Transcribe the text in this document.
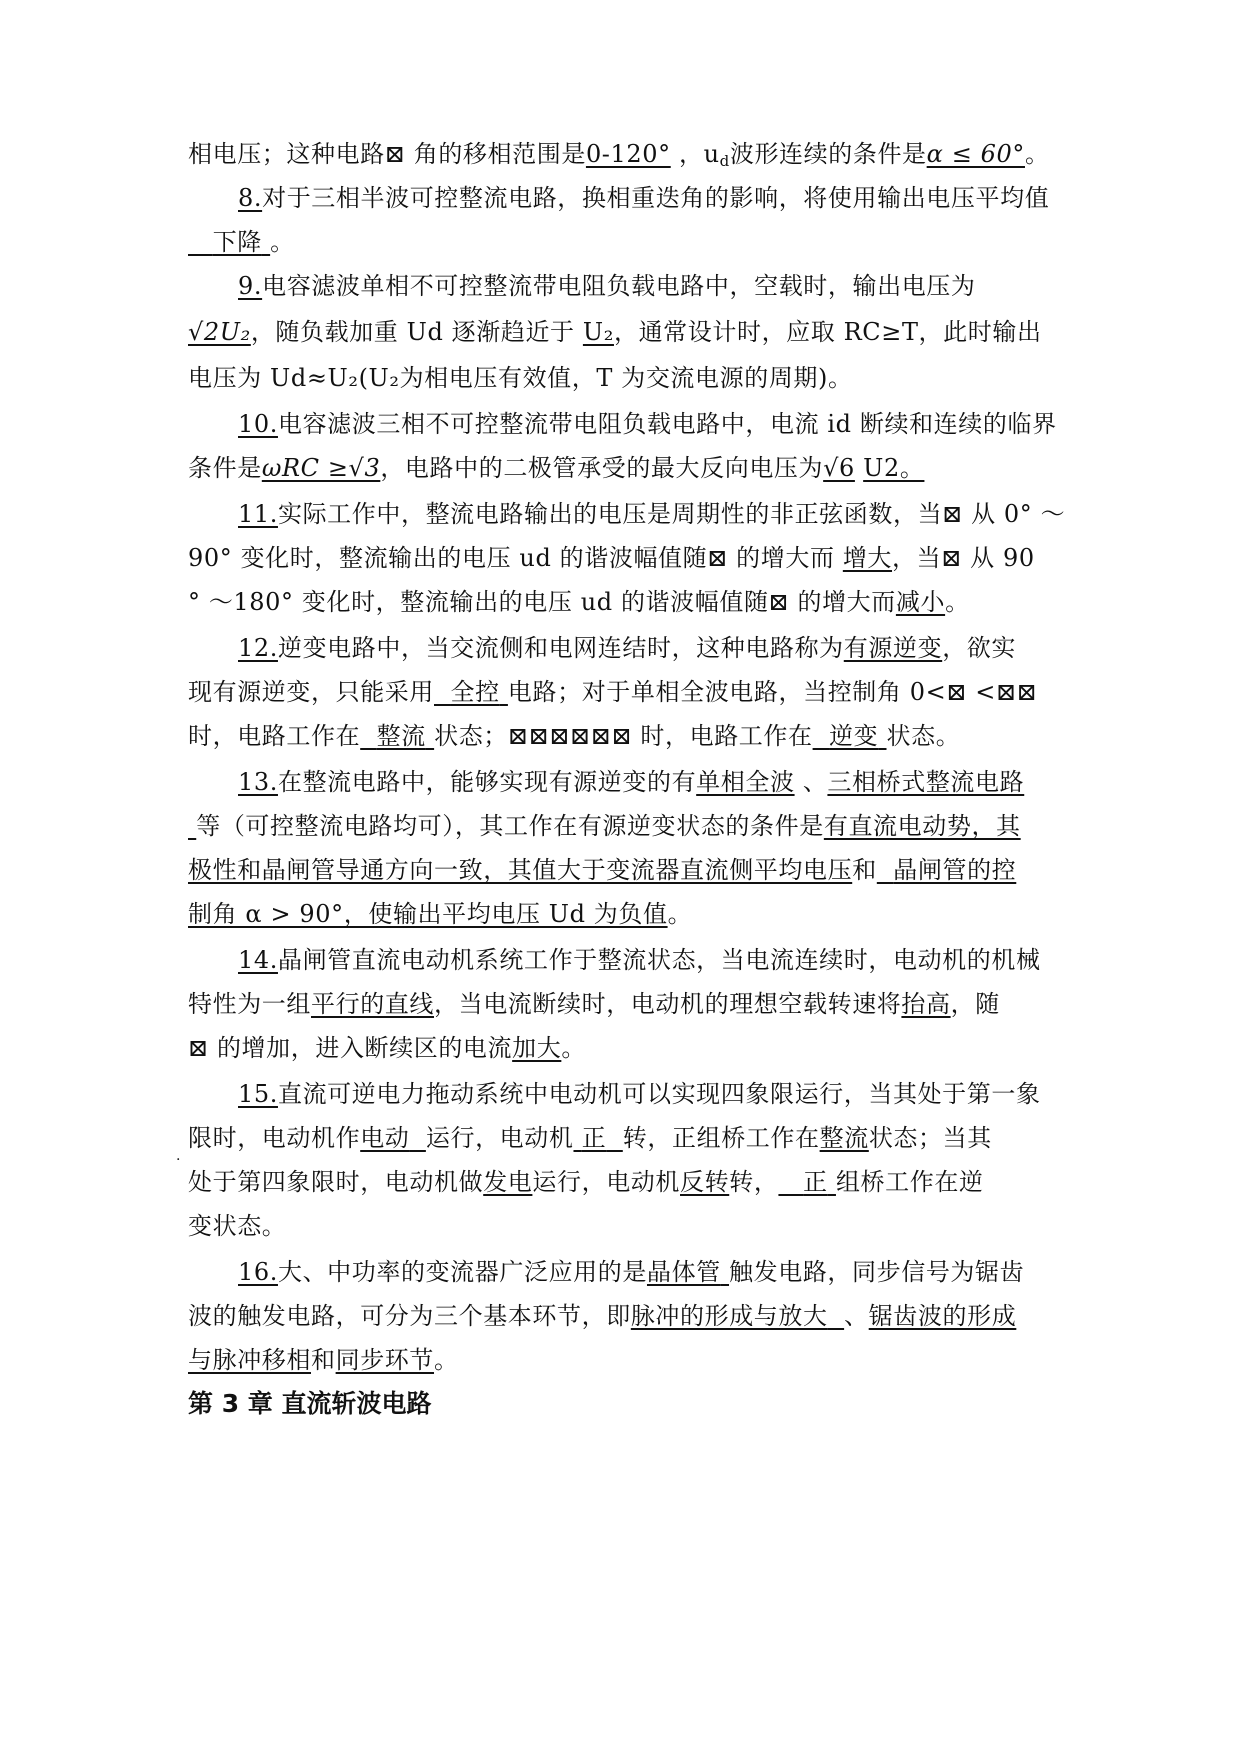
相电压；这种电路⊠ 角的移相范围是0-120° ，$u_d$波形连续的条件是α ≤ 60°。
8.对于三相半波可控整流电路，换相重迭角的影响，将使用输出电压平均值
下降 。
9.电容滤波单相不可控整流带电阻负载电路中，空载时，输出电压为
√2U₂，随负载加重 Ud 逐渐趋近于 U₂，通常设计时，应取 RC≥T，此时输出
电压为 Ud≈U₂(U₂为相电压有效值，T 为交流电源的周期)。
10.电容滤波三相不可控整流带电阻负载电路中，电流 id 断续和连续的临界
条件是ωRC ≥√3，电路中的二极管承受的最大反向电压为√6 U2。
11.实际工作中，整流电路输出的电压是周期性的非正弦函数，当⊠ 从 0° ～
90° 变化时，整流输出的电压 ud 的谐波幅值随⊠ 的增大而 增大，当⊠ 从 90
° ～180° 变化时，整流输出的电压 ud 的谐波幅值随⊠ 的增大而减小。
12.逆变电路中，当交流侧和电网连结时，这种电路称为有源逆变，欲实
现有源逆变，只能采用 全控 电路；对于单相全波电路，当控制角 0<⊠ <⊠⊠
时，电路工作在 整流 状态；⊠⊠⊠⊠⊠⊠ 时，电路工作在 逆变 状态。
13.在整流电路中，能够实现有源逆变的有单相全波 、三相桥式整流电路
等（可控整流电路均可），其工作在有源逆变状态的条件是有直流电动势，其
极性和晶闸管导通方向一致，其值大于变流器直流侧平均电压和 晶闸管的控
制角 α > 90°，使输出平均电压 Ud 为负值。
14.晶闸管直流电动机系统工作于整流状态，当电流连续时，电动机的机械
特性为一组平行的直线，当电流断续时，电动机的理想空载转速将抬高，随
.
⊠ 的增加，进入断续区的电流加大。
15.直流可逆电力拖动系统中电动机可以实现四象限运行，当其处于第一象
限时，电动机作电动 运行，电动机 正 转，正组桥工作在整流状态；当其
处于第四象限时，电动机做发电运行，电动机反转转， 正 组桥工作在逆
变状态。
16.大、中功率的变流器广泛应用的是晶体管 触发电路，同步信号为锯齿
波的触发电路，可分为三个基本环节，即脉冲的形成与放大 、锯齿波的形成
与脉冲移相和同步环节。
第 3 章 直流斩波电路
